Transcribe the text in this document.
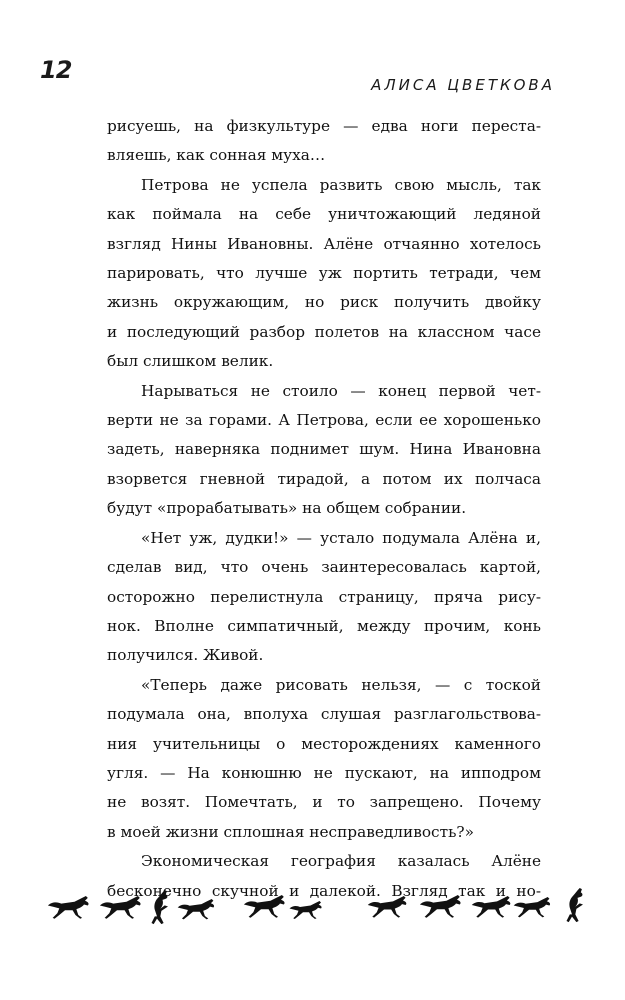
12
АЛИСА ЦВЕТКОВА
рисуешь, на физкультуре — едва ноги переста-
вляешь, как сонная муха…
Петрова не успела развить свою мысль, так
как поймала на себе уничтожающий ледяной
взгляд Нины Ивановны. Алёне отчаянно хотелось
парировать, что лучше уж портить тетради, чем
жизнь окружающим, но риск получить двойку
и последующий разбор полетов на классном часе
был слишком велик.
Нарываться не стоило — конец первой чет-
верти не за горами. А Петрова, если ее хорошенько
задеть, наверняка поднимет шум. Нина Ивановна
взорвется гневной тирадой, а потом их полчаса
будут «прорабатывать» на общем собрании.
«Нет уж, дудки!» — устало подумала Алёна и,
сделав вид, что очень заинтересовалась картой,
осторожно перелистнула страницу, пряча рису-
нок. Вполне симпатичный, между прочим, конь
получился. Живой.
«Теперь даже рисовать нельзя, — с тоской
подумала она, вполуха слушая разглагольствова-
ния учительницы о месторождениях каменного
угля. — На конюшню не пускают, на ипподром
не возят. Помечтать, и то запрещено. Почему
в моей жизни сплошная несправедливость?»
Экономическая география казалась Алёне
бесконечно скучной и далекой. Взгляд так и но-
